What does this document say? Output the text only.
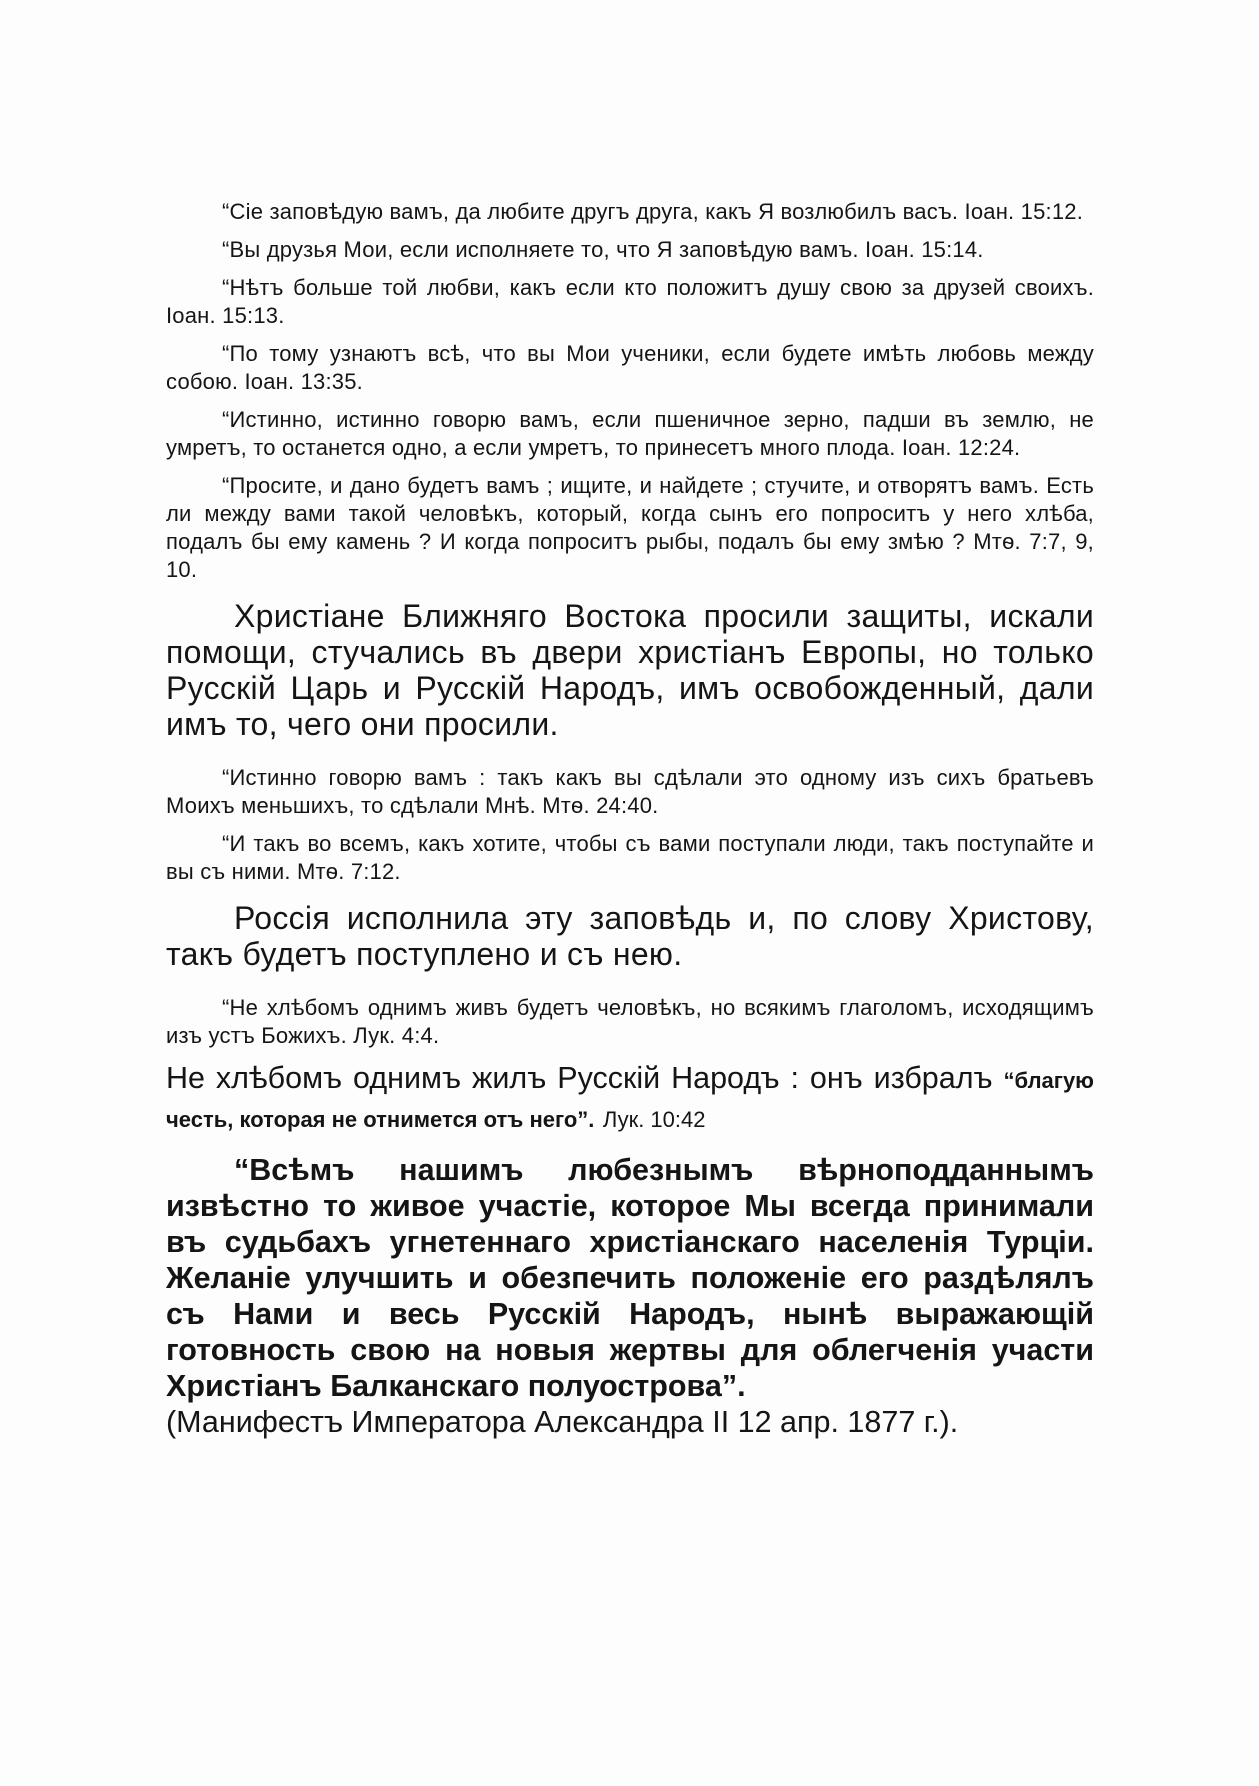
“Сіе заповѣдую вамъ, да любите другъ друга, какъ Я возлюбилъ васъ. Іоан. 15:12.

“Вы друзья Мои, если исполняете то, что Я заповѣдую вамъ. Іоан. 15:14.

“Нѣтъ больше той любви, какъ если кто положитъ душу свою за друзей своихъ. Іоан. 15:13.

“По тому узнаютъ всѣ, что вы Мои ученики, если будете имѣть любовь между собою. Іоан. 13:35.

“Истинно, истинно говорю вамъ, если пшеничное зерно, падши въ землю, не умретъ, то останется одно, а если умретъ, то принесетъ много плода. Іоан. 12:24.

“Просите, и дано будетъ вамъ ; ищите, и найдете ; стучите, и отворятъ вамъ. Есть ли между вами такой человѣкъ, который, когда сынъ его попроситъ у него хлѣба, подалъ бы ему камень ? И когда попроситъ рыбы, подалъ бы ему змѣю ? Мтѳ. 7:7, 9, 10.

Христіане Ближняго Востока просили защиты, искали помощи, стучались въ двери христіанъ Европы, но только Русскій Царь и Русскій Народъ, имъ освобожденный, дали имъ то, чего они просили.

“Истинно говорю вамъ : такъ какъ вы сдѣлали это одному изъ сихъ братьевъ Моихъ меньшихъ, то сдѣлали Мнѣ. Мтѳ. 24:40.

“И такъ во всемъ, какъ хотите, чтобы съ вами поступали люди, такъ поступайте и вы съ ними. Мтѳ. 7:12.

Россія исполнила эту заповѣдь и, по слову Христову, такъ будетъ поступлено и съ нею.

“Не хлѣбомъ однимъ живъ будетъ человѣкъ, но всякимъ глаголомъ, исходящимъ изъ устъ Божихъ. Лук. 4:4.

Не хлѣбомъ однимъ жилъ Русскій Народъ : онъ избралъ “благую честь, которая не отнимется отъ него”. Лук. 10:42

“Всѣмъ нашимъ любезнымъ вѣрноподданнымъ извѣстно то живое участіе, которое Мы всегда принимали въ судьбахъ угнетеннаго христіанскаго населенія Турціи. Желаніе улучшить и обезпечить положеніе его раздѣлялъ съ Нами и весь Русскій Народъ, нынѣ выражающій готовность свою на новыя жертвы для облегченія участи Христіанъ Балканскаго полуострова”.

(Манифестъ Императора Александра II 12 апр. 1877 г.).
